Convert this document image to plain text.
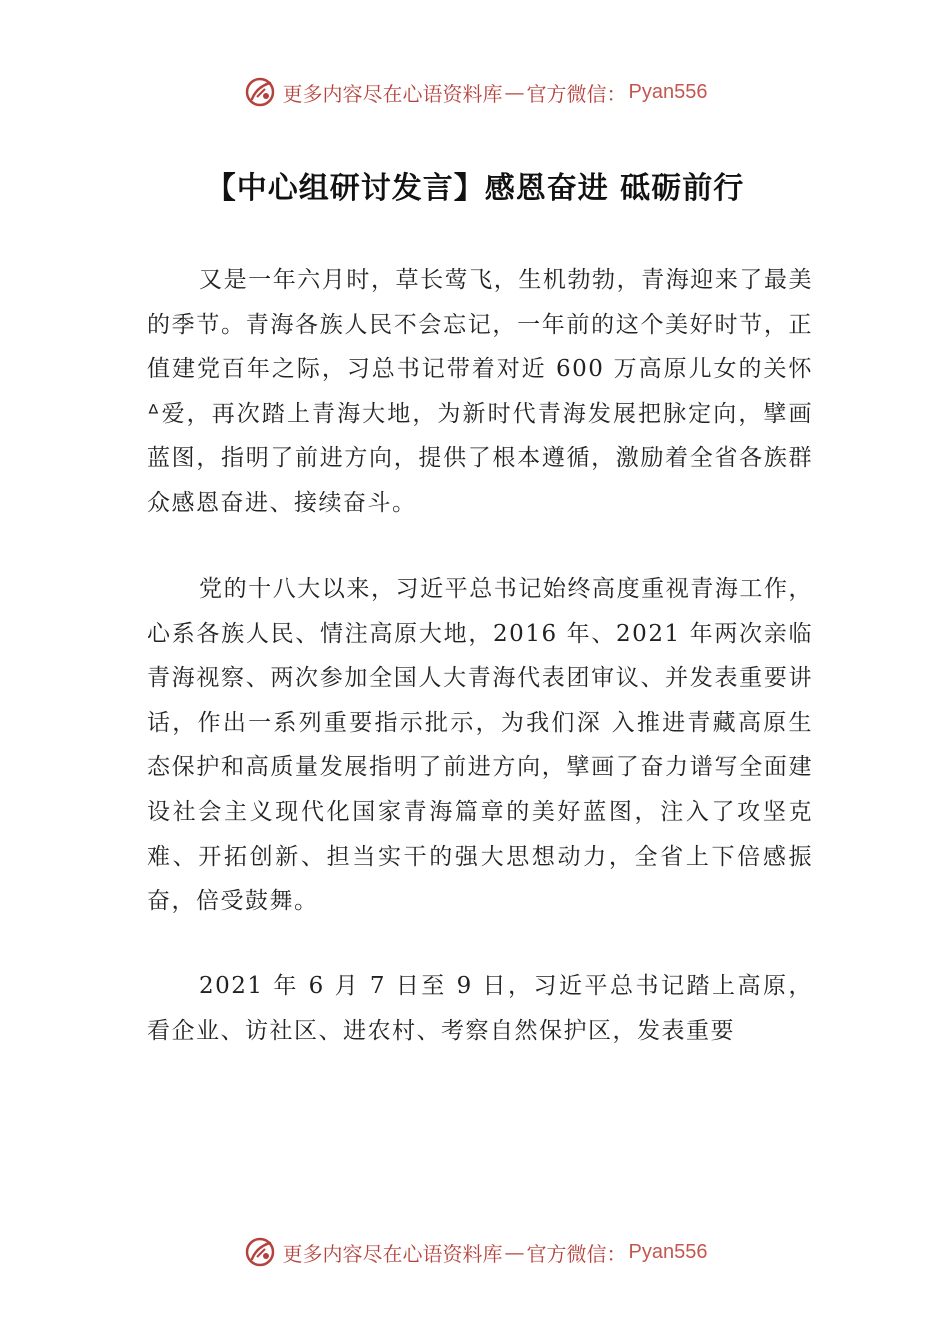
更多内容尽在心语资料库 — 官方微信： Pyan556
【中心组研讨发言】感恩奋进 砥砺前行

又是一年六月时，草长莺飞，生机勃勃，青海迎来了最美的季节。青海各族人民不会忘记，一年前的这个美好时节，正值建党百年之际，习总书记带着对近 600 万高原儿女的关怀ᐞ爱，再次踏上青海大地，为新时代青海发展把脉定向，擘画蓝图，指明了前进方向，提供了根本遵循，激励着全省各族群众感恩奋进、接续奋斗。

党的十八大以来，习近平总书记始终高度重视青海工作，心系各族人民、情注高原大地，2016 年、2021 年两次亲临青海视察、两次参加全国人大青海代表团审议、并发表重要讲话，作出一系列重要指示批示，为我们深 入推进青藏高原生态保护和高质量发展指明了前进方向，擘画了奋力谱写全面建设社会主义现代化国家青海篇章的美好蓝图，注入了攻坚克难、开拓创新、担当实干的强大思想动力，全省上下倍感振奋，倍受鼓舞。

2021 年 6 月 7 日至 9 日，习近平总书记踏上高原，看企业、访社区、进农村、考察自然保护区，发表重要

更多内容尽在心语资料库 — 官方微信： Pyan556
